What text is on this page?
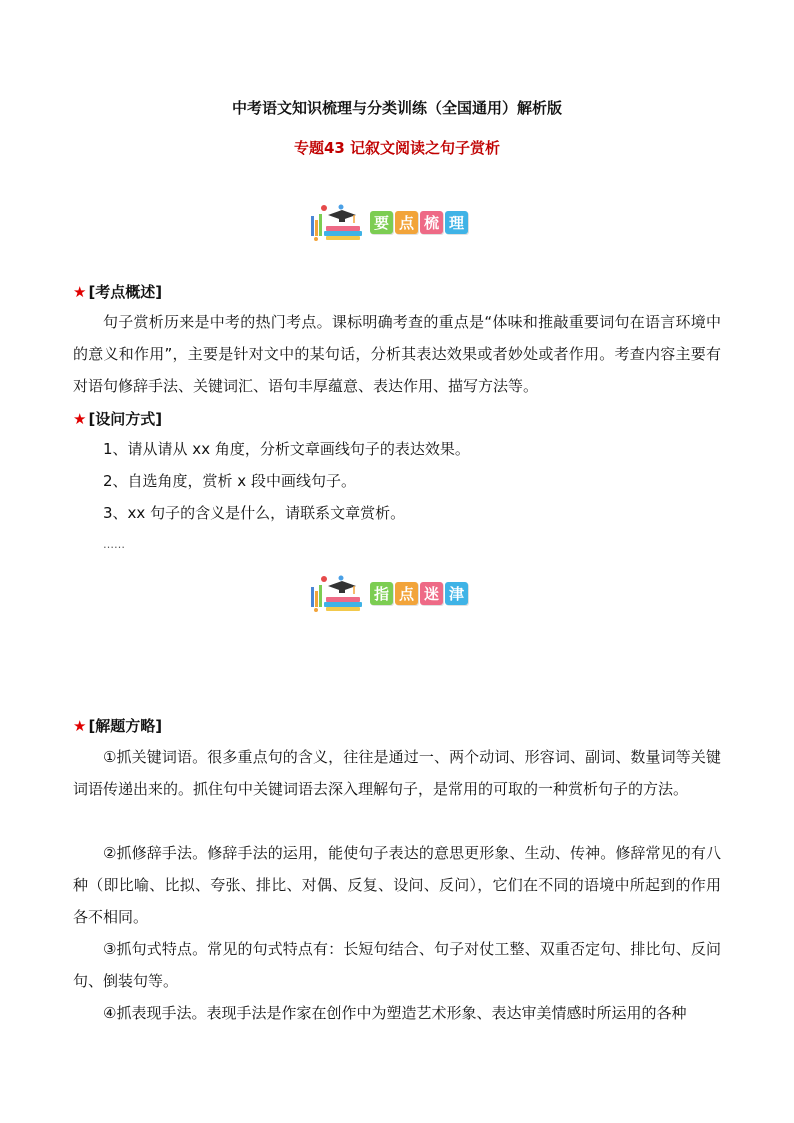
中考语文知识梳理与分类训练（全国通用）解析版
专题43 记叙文阅读之句子赏析
要 点 梳 理
★ [考点概述]

句子赏析历来是中考的热门考点。课标明确考查的重点是“体味和推敲重要词句在语言环境中的意义和作用”，主要是针对文中的某句话，分析其表达效果或者妙处或者作用。考查内容主要有对语句修辞手法、关键词汇、语句丰厚蕴意、表达作用、描写方法等。

★ [设问方式]
1、请从请从 xx 角度，分析文章画线句子的表达效果。
2、自选角度，赏析 x 段中画线句子。
3、xx 句子的含义是什么，请联系文章赏析。
……
指 点 迷 津
★ [解题方略]

①抓关键词语。很多重点句的含义，往往是通过一、两个动词、形容词、副词、数量词等关键词语传递出来的。抓住句中关键词语去深入理解句子，是常用的可取的一种赏析句子的方法。

②抓修辞手法。修辞手法的运用，能使句子表达的意思更形象、生动、传神。修辞常见的有八种（即比喻、比拟、夸张、排比、对偶、反复、设问、反问），它们在不同的语境中所起到的作用各不相同。

③抓句式特点。常见的句式特点有：长短句结合、句子对仗工整、双重否定句、排比句、反问句、倒装句等。

④抓表现手法。表现手法是作家在创作中为塑造艺术形象、表达审美情感时所运用的各种
